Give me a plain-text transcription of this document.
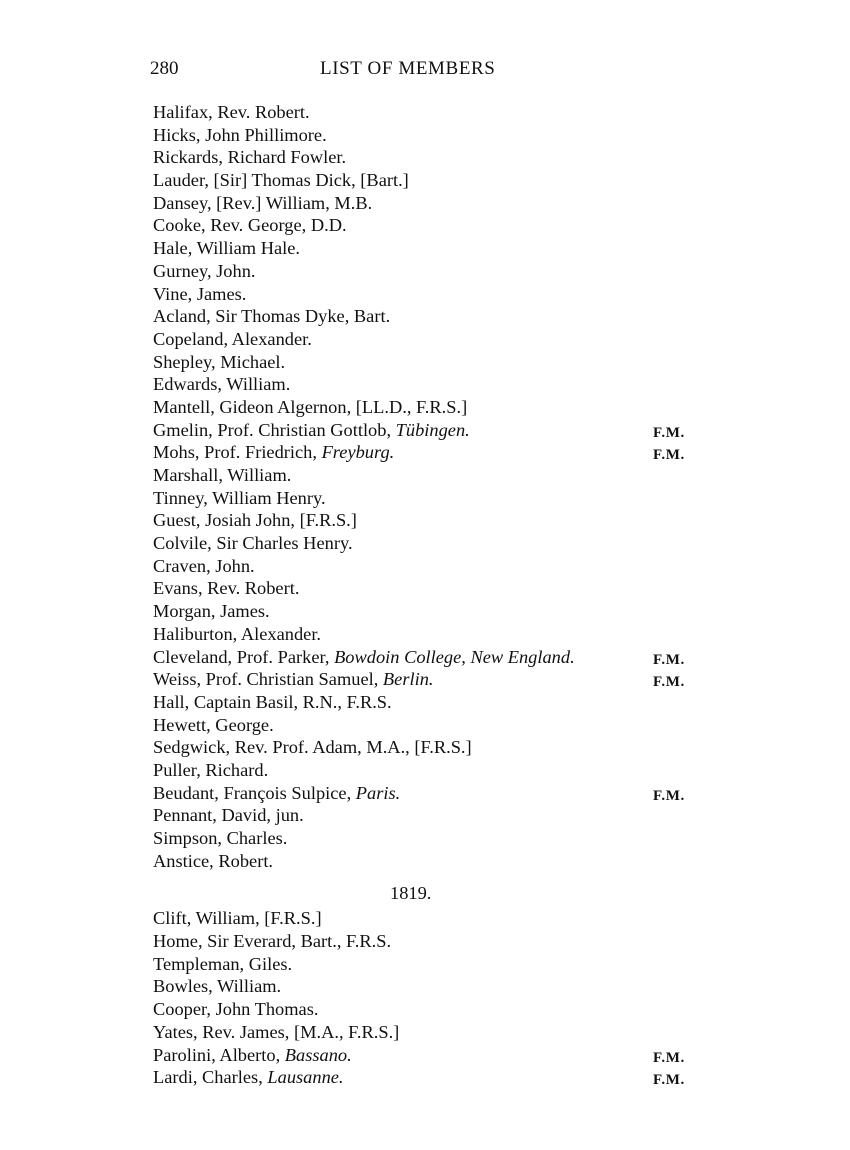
280	LIST OF MEMBERS
Halifax, Rev. Robert.
Hicks, John Phillimore.
Rickards, Richard Fowler.
Lauder, [Sir] Thomas Dick, [Bart.]
Dansey, [Rev.] William, M.B.
Cooke, Rev. George, D.D.
Hale, William Hale.
Gurney, John.
Vine, James.
Acland, Sir Thomas Dyke, Bart.
Copeland, Alexander.
Shepley, Michael.
Edwards, William.
Mantell, Gideon Algernon, [LL.D., F.R.S.]
Gmelin, Prof. Christian Gottlob, Tübingen.	F.M.
Mohs, Prof. Friedrich, Freyburg.	F.M.
Marshall, William.
Tinney, William Henry.
Guest, Josiah John, [F.R.S.]
Colvile, Sir Charles Henry.
Craven, John.
Evans, Rev. Robert.
Morgan, James.
Haliburton, Alexander.
Cleveland, Prof. Parker, Bowdoin College, New England.	F.M.
Weiss, Prof. Christian Samuel, Berlin.	F.M.
Hall, Captain Basil, R.N., F.R.S.
Hewett, George.
Sedgwick, Rev. Prof. Adam, M.A., [F.R.S.]
Puller, Richard.
Beudant, François Sulpice, Paris.	F.M.
Pennant, David, jun.
Simpson, Charles.
Anstice, Robert.
1819.
Clift, William, [F.R.S.]
Home, Sir Everard, Bart., F.R.S.
Templeman, Giles.
Bowles, William.
Cooper, John Thomas.
Yates, Rev. James, [M.A., F.R.S.]
Parolini, Alberto, Bassano.	F.M.
Lardi, Charles, Lausanne.	F.M.
